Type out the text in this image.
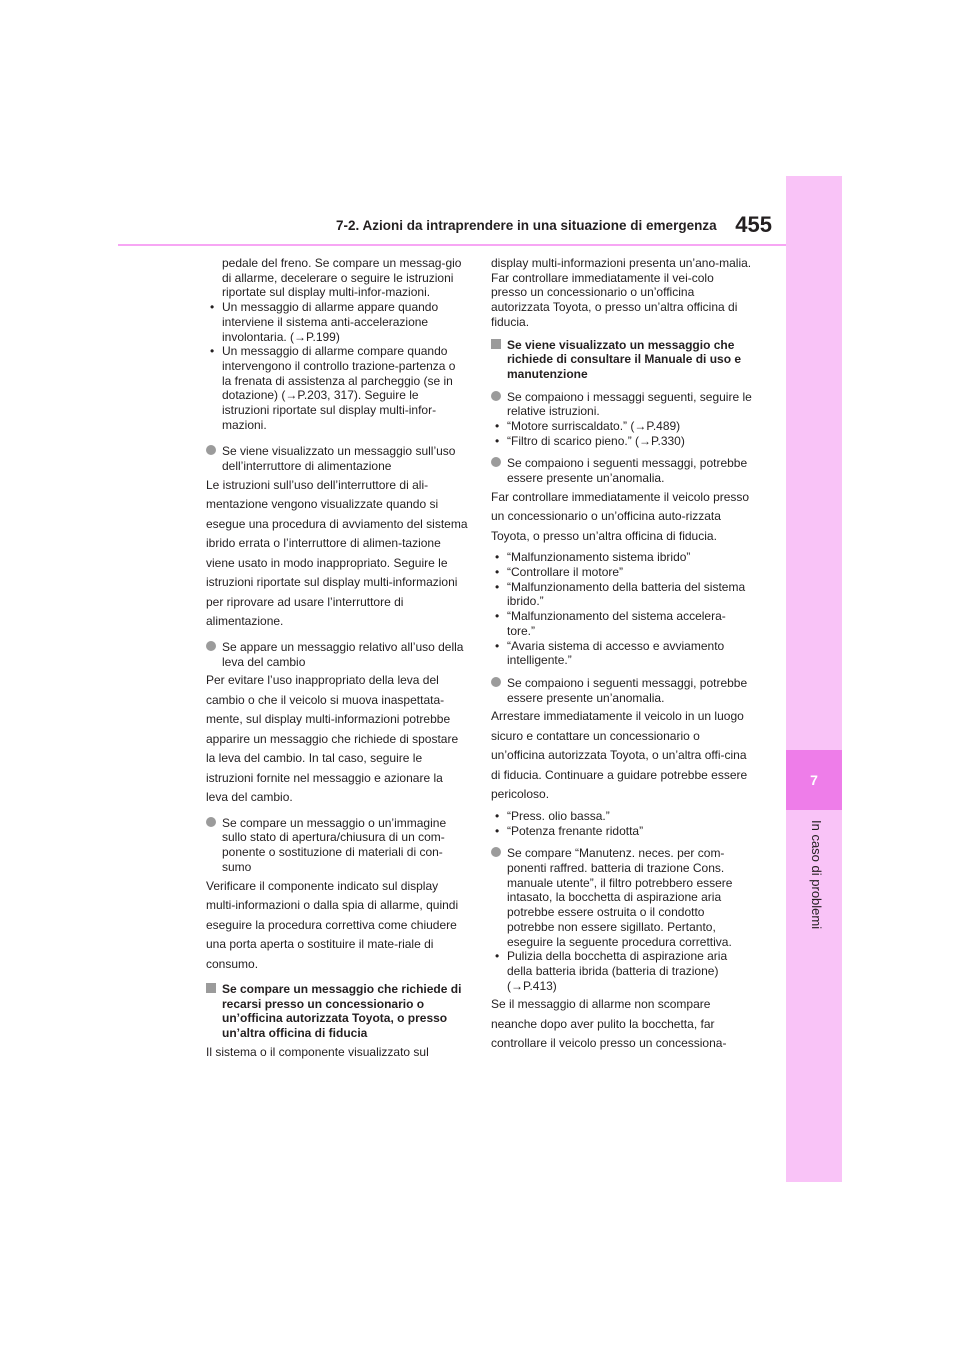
7-2. Azioni da intraprendere in una situazione di emergenza 455
7
In caso di problemi

pedale del freno. Se compare un messag-gio di allarme, decelerare o seguire le istruzioni riportate sul display multi-infor-mazioni.

• Un messaggio di allarme appare quando interviene il sistema anti-accelerazione involontaria. (→P.199)

• Un messaggio di allarme compare quando intervengono il controllo trazione-partenza o la frenata di assistenza al parcheggio (se in dotazione) (→P.203, 317). Seguire le istruzioni riportate sul display multi-infor-mazioni.

Se viene visualizzato un messaggio sull’uso dell’interruttore di alimentazione

Le istruzioni sull’uso dell’interruttore di ali-mentazione vengono visualizzate quando si esegue una procedura di avviamento del sistema ibrido errata o l’interruttore di alimen-tazione viene usato in modo inappropriato. Seguire le istruzioni riportate sul display multi-informazioni per riprovare ad usare l’interruttore di alimentazione.

Se appare un messaggio relativo all’uso della leva del cambio

Per evitare l’uso inappropriato della leva del cambio o che il veicolo si muova inaspettata-mente, sul display multi-informazioni potrebbe apparire un messaggio che richiede di spostare la leva del cambio. In tal caso, seguire le istruzioni fornite nel messaggio e azionare la leva del cambio.

Se compare un messaggio o un’immagine sullo stato di apertura/chiusura di un com-ponente o sostituzione di materiali di con-sumo

Verificare il componente indicato sul display multi-informazioni o dalla spia di allarme, quindi eseguire la procedura correttiva come chiudere una porta aperta o sostituire il mate-riale di consumo.

Se compare un messaggio che richiede di recarsi presso un concessionario o un’officina autorizzata Toyota, o presso un’altra officina di fiducia

Il sistema o il componente visualizzato sul

display multi-informazioni presenta un’ano-malia. Far controllare immediatamente il vei-colo presso un concessionario o un’officina autorizzata Toyota, o presso un’altra officina di fiducia.

Se viene visualizzato un messaggio che richiede di consultare il Manuale di uso e manutenzione

Se compaiono i messaggi seguenti, seguire le relative istruzioni.

• “Motore surriscaldato.” (→P.489)

• “Filtro di scarico pieno.” (→P.330)

Se compaiono i seguenti messaggi, potrebbe essere presente un’anomalia.

Far controllare immediatamente il veicolo presso un concessionario o un’officina auto-rizzata Toyota, o presso un’altra officina di fiducia.

• “Malfunzionamento sistema ibrido”

• “Controllare il motore”

• “Malfunzionamento della batteria del sistema ibrido.”

• “Malfunzionamento del sistema accelera-tore.”

• “Avaria sistema di accesso e avviamento intelligente.”

Se compaiono i seguenti messaggi, potrebbe essere presente un’anomalia.

Arrestare immediatamente il veicolo in un luogo sicuro e contattare un concessionario o un’officina autorizzata Toyota, o un’altra offi-cina di fiducia. Continuare a guidare potrebbe essere pericoloso.

• “Press. olio bassa.”

• “Potenza frenante ridotta”

Se compare “Manutenz. neces. per com-ponenti raffred. batteria di trazione Cons. manuale utente”, il filtro potrebbero essere intasato, la bocchetta di aspirazione aria potrebbe essere ostruita o il condotto potrebbe non essere sigillato. Pertanto, eseguire la seguente procedura correttiva.

• Pulizia della bocchetta di aspirazione aria della batteria ibrida (batteria di trazione) (→P.413)

Se il messaggio di allarme non scompare neanche dopo aver pulito la bocchetta, far controllare il veicolo presso un concessiona-
